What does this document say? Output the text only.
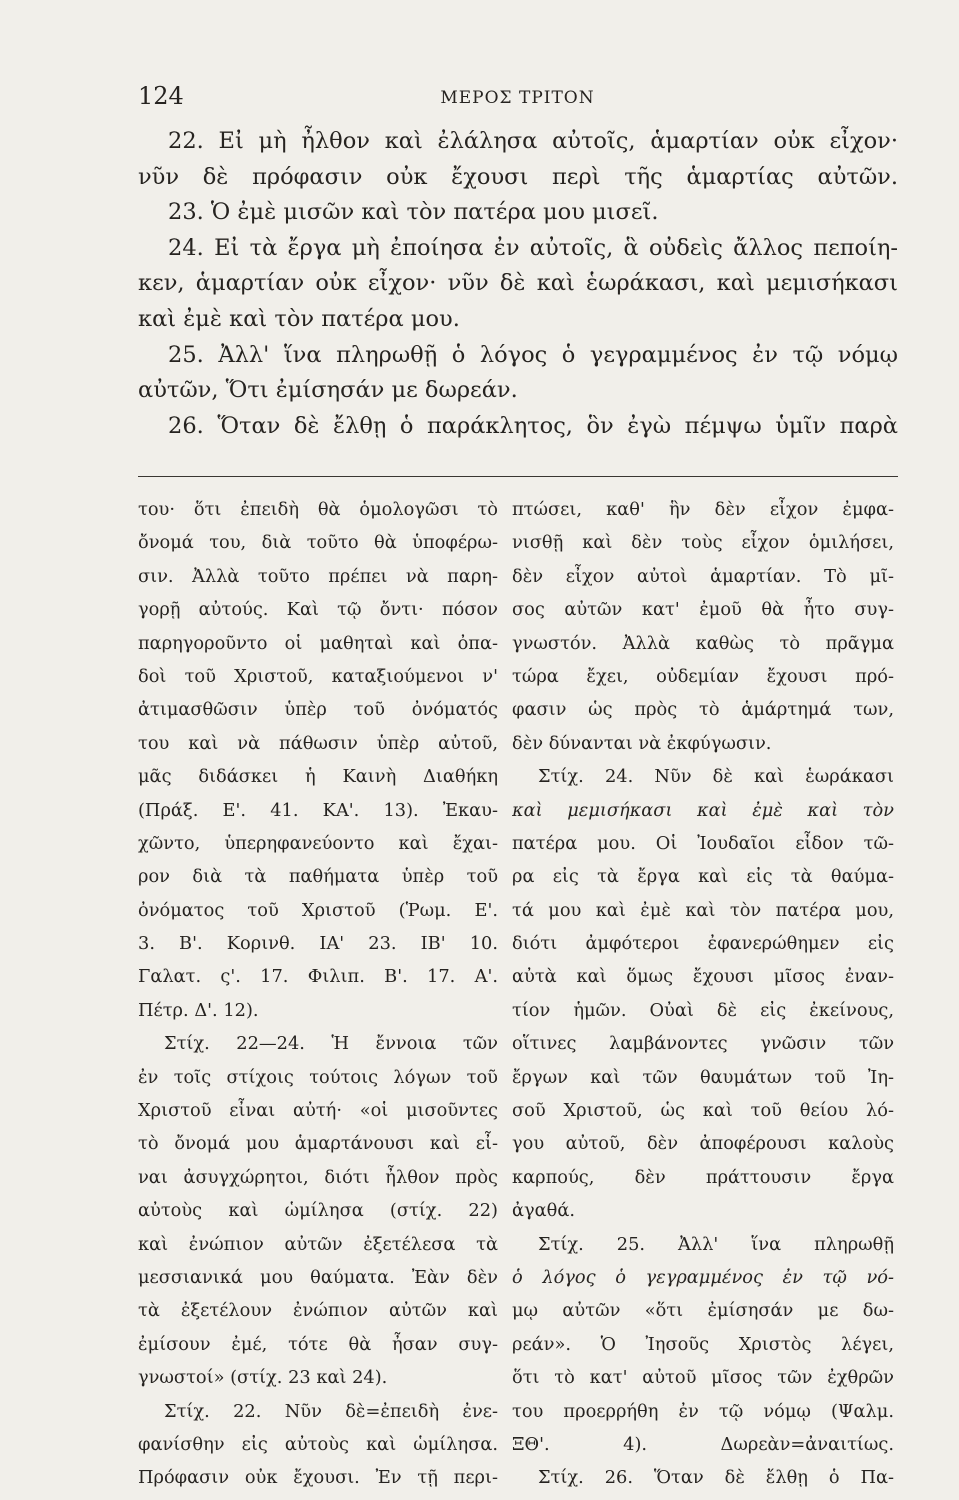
124	ΜΕΡΟΣ ΤΡΙΤΟΝ
22. Εἰ μὴ ἦλθον καὶ ἐλάλησα αὐτοῖς, ἁμαρτίαν οὐκ εἶχον·
νῦν δὲ πρόφασιν οὐκ ἔχουσι περὶ τῆς ἁμαρτίας αὐτῶν.
23. Ὁ ἐμὲ μισῶν καὶ τὸν πατέρα μου μισεῖ.
24. Εἰ τὰ ἔργα μὴ ἐποίησα ἐν αὐτοῖς, ἃ οὐδεὶς ἄλλος πεποίη-
κεν, ἁμαρτίαν οὐκ εἶχον· νῦν δὲ καὶ ἑωράκασι, καὶ μεμισήκασι
καὶ ἐμὲ καὶ τὸν πατέρα μου.
25. Ἀλλ' ἵνα πληρωθῇ ὁ λόγος ὁ γεγραμμένος ἐν τῷ νόμῳ
αὐτῶν, Ὅτι ἐμίσησάν με δωρεάν.
26. Ὅταν δὲ ἔλθῃ ὁ παράκλητος, ὃν ἐγὼ πέμψω ὑμῖν παρὰ
του· ὅτι ἐπειδὴ θὰ ὁμολογῶσι τὸ
ὄνομά του, διὰ τοῦτο θὰ ὑποφέρω-
σιν. Ἀλλὰ τοῦτο πρέπει νὰ παρη-
γορῇ αὐτούς. Καὶ τῷ ὄντι· πόσον
παρηγοροῦντο οἱ μαθηταὶ καὶ ὀπα-
δοὶ τοῦ Χριστοῦ, καταξιούμενοι ν'
ἀτιμασθῶσιν ὑπὲρ τοῦ ὀνόματός
του καὶ νὰ πάθωσιν ὑπὲρ αὐτοῦ,
μᾶς διδάσκει ἡ Καινὴ Διαθήκη
(Πράξ. Ε'. 41. ΚΑ'. 13). Ἐκαυ-
χῶντο, ὑπερηφανεύοντο καὶ ἔχαι-
ρον διὰ τὰ παθήματα ὑπὲρ τοῦ
ὀνόματος τοῦ Χριστοῦ (Ῥωμ. Ε'.
3. Β'. Κορινθ. ΙΑ' 23. ΙΒ' 10.
Γαλατ. ς'. 17. Φιλιπ. Β'. 17. Α'.
Πέτρ. Δ'. 12).
Στίχ. 22—24. Ἡ ἔννοια τῶν
ἐν τοῖς στίχοις τούτοις λόγων τοῦ
Χριστοῦ εἶναι αὐτή· «οἱ μισοῦντες
τὸ ὄνομά μου ἁμαρτάνουσι καὶ εἶ-
ναι ἀσυγχώρητοι, διότι ἦλθον πρὸς
αὐτοὺς καὶ ὡμίλησα (στίχ. 22)
καὶ ἐνώπιον αὐτῶν ἐξετέλεσα τὰ
μεσσιανικά μου θαύματα. Ἐὰν δὲν
τὰ ἐξετέλουν ἐνώπιον αὐτῶν καὶ
ἐμίσουν ἐμέ, τότε θὰ ἦσαν συγ-
γνωστοί» (στίχ. 23 καὶ 24).
Στίχ. 22. Νῦν δὲ=ἐπειδὴ ἐνε-
φανίσθην εἰς αὐτοὺς καὶ ὡμίλησα.
Πρόφασιν οὐκ ἔχουσι. Ἐν τῇ περι-
πτώσει, καθ' ἣν δὲν εἶχον ἐμφα-
νισθῇ καὶ δὲν τοὺς εἶχον ὁμιλήσει,
δὲν εἶχον αὐτοὶ ἁμαρτίαν. Τὸ μῖ-
σος αὐτῶν κατ' ἐμοῦ θὰ ἦτο συγ-
γνωστόν. Ἀλλὰ καθὼς τὸ πρᾶγμα
τώρα ἔχει, οὐδεμίαν ἔχουσι πρό-
φασιν ὡς πρὸς τὸ ἁμάρτημά των,
δὲν δύνανται νὰ ἐκφύγωσιν.
Στίχ. 24. Νῦν δὲ καὶ ἑωράκασι
καὶ μεμισήκασι καὶ ἐμὲ καὶ τὸν
πατέρα μου. Οἱ Ἰουδαῖοι εἶδον τῶ-
ρα εἰς τὰ ἔργα καὶ εἰς τὰ θαύμα-
τά μου καὶ ἐμὲ καὶ τὸν πατέρα μου,
διότι ἀμφότεροι ἐφανερώθημεν εἰς
αὐτὰ καὶ ὅμως ἔχουσι μῖσος ἐναν-
τίον ἡμῶν. Οὐαὶ δὲ εἰς ἐκείνους,
οἵτινες λαμβάνοντες γνῶσιν τῶν
ἔργων καὶ τῶν θαυμάτων τοῦ Ἰη-
σοῦ Χριστοῦ, ὡς καὶ τοῦ θείου λό-
γου αὐτοῦ, δὲν ἀποφέρουσι καλοὺς
καρπούς, δὲν πράττουσιν ἔργα
ἀγαθά.
Στίχ. 25. Ἀλλ' ἵνα πληρωθῇ
ὁ λόγος ὁ γεγραμμένος ἐν τῷ νό-
μῳ αὐτῶν «ὅτι ἐμίσησάν με δω-
ρεάν». Ὁ Ἰησοῦς Χριστὸς λέγει,
ὅτι τὸ κατ' αὐτοῦ μῖσος τῶν ἐχθρῶν
του προερρήθη ἐν τῷ νόμῳ (Ψαλμ.
ΞΘ'. 4). Δωρεὰν=ἀναιτίως.
Στίχ. 26. Ὅταν δὲ ἔλθῃ ὁ Πα-
